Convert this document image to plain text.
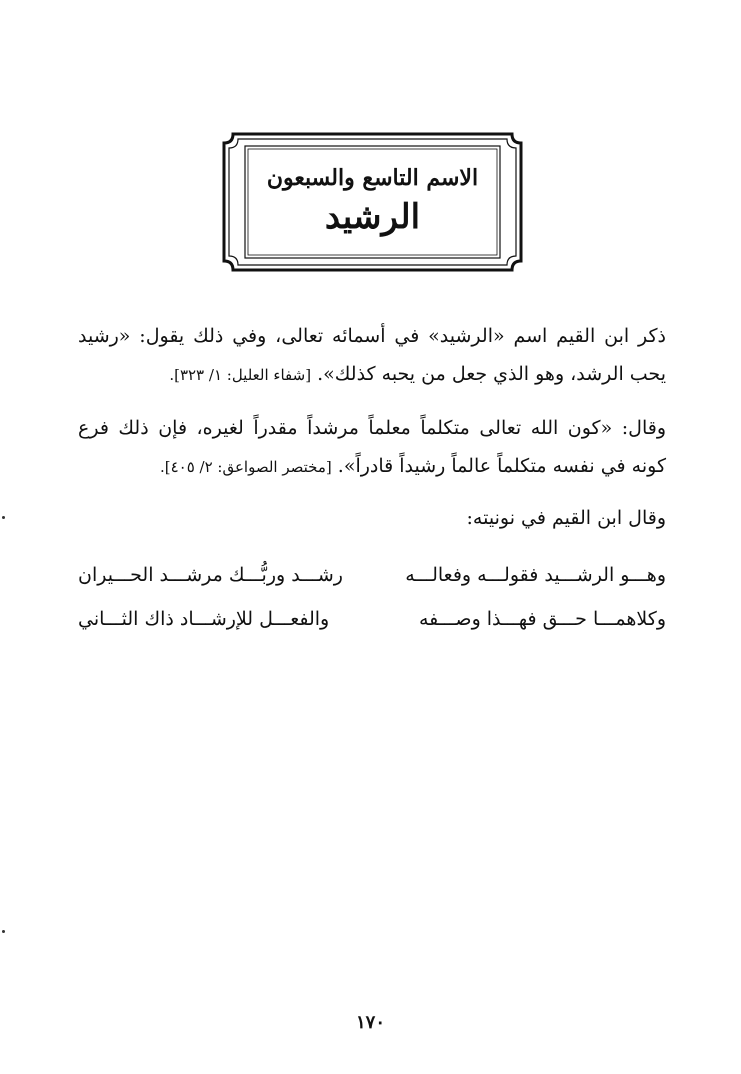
الاسم التاسع والسبعون
الرشيد
ذكر ابن القيم اسم «الرشيد» في أسمائه تعالى، وفي ذلك يقول: «رشيد يحب الرشد، وهو الذي جعل من يحبه كذلك». [شفاء العليل: ١/ ٣٢٣].
وقال: «كون الله تعالى متكلماً معلماً مرشداً مقدراً لغيره، فإن ذلك فرع كونه في نفسه متكلماً عالماً رشيداً قادراً». [مختصر الصواعق: ٢/ ٤٠٥].
وقال ابن القيم في نونيته:
وهـــو الرشـــيد فقولـــه وفعالـــه
رشـــد وربُّـــك مرشـــد الحـــيران
وكلاهمـــا حـــق فهـــذا وصـــفه
والفعـــل للإرشـــاد ذاك الثـــاني
١٧٠
